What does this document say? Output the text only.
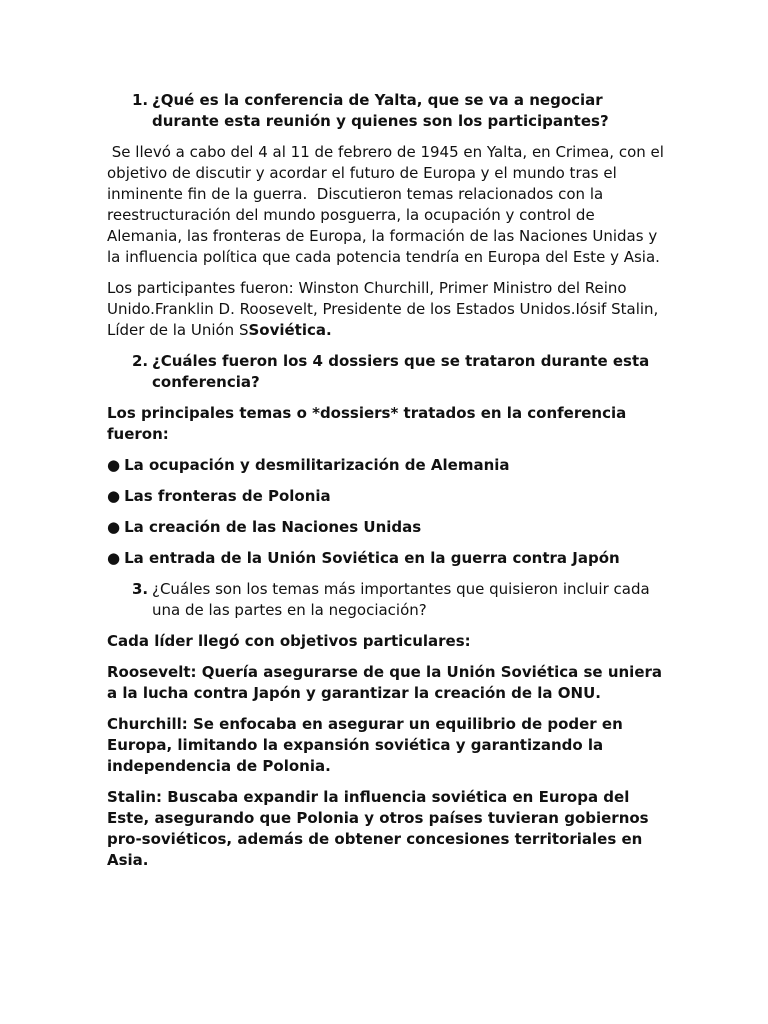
1. ¿Qué es la conferencia de Yalta, que se va a negociar durante esta reunión y quienes son los participantes?

Se llevó a cabo del 4 al 11 de febrero de 1945 en Yalta, en Crimea, con el objetivo de discutir y acordar el futuro de Europa y el mundo tras el inminente fin de la guerra.  Discutieron temas relacionados con la reestructuración del mundo posguerra, la ocupación y control de Alemania, las fronteras de Europa, la formación de las Naciones Unidas y la influencia política que cada potencia tendría en Europa del Este y Asia.

Los participantes fueron: Winston Churchill, Primer Ministro del Reino Unido.Franklin D. Roosevelt, Presidente de los Estados Unidos.Iósif Stalin, Líder de la Unión SSoviética.

2. ¿Cuáles fueron los 4 dossiers que se trataron durante esta conferencia?

Los principales temas o *dossiers* tratados en la conferencia fueron:

● La ocupación y desmilitarización de Alemania
● Las fronteras de Polonia
● La creación de las Naciones Unidas
● La entrada de la Unión Soviética en la guerra contra Japón
3. ¿Cuáles son los temas más importantes que quisieron incluir cada una de las partes en la negociación?

Cada líder llegó con objetivos particulares:

Roosevelt: Quería asegurarse de que la Unión Soviética se uniera a la lucha contra Japón y garantizar la creación de la ONU.

Churchill: Se enfocaba en asegurar un equilibrio de poder en Europa, limitando la expansión soviética y garantizando la independencia de Polonia.

Stalin: Buscaba expandir la influencia soviética en Europa del Este, asegurando que Polonia y otros países tuvieran gobiernos pro-soviéticos, además de obtener concesiones territoriales en Asia.
